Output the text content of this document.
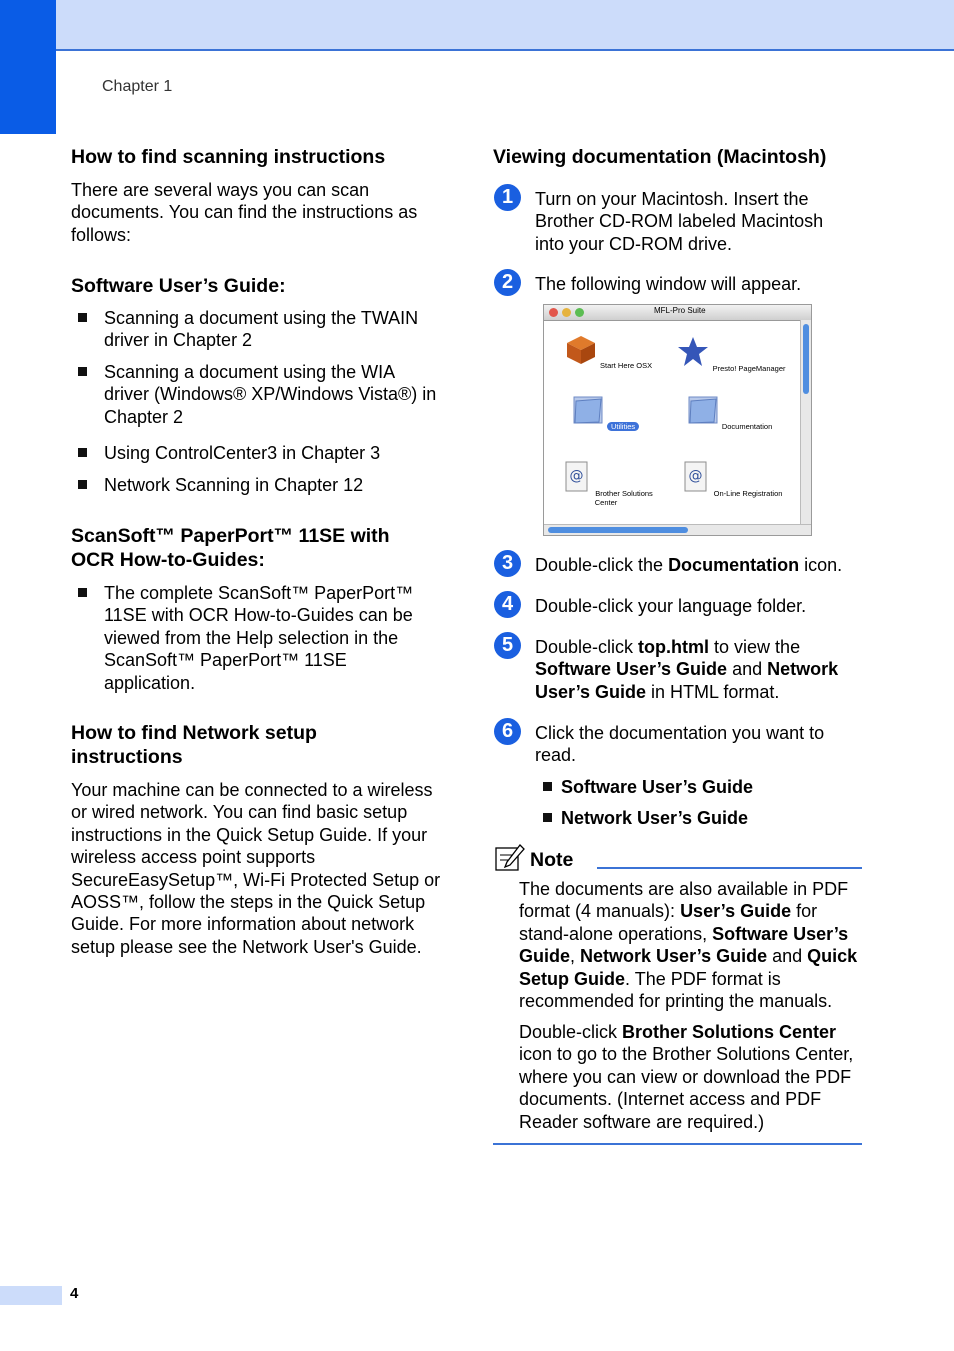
Chapter 1
How to find scanning instructions

There are several ways you can scan documents. You can find the instructions as follows:

Software User’s Guide:
Scanning a document using the TWAIN driver in Chapter 2
Scanning a document using the WIA driver (Windows® XP/Windows Vista®) in Chapter 2
Using ControlCenter3 in Chapter 3
Network Scanning in Chapter 12
ScanSoft™ PaperPort™ 11SE with OCR How-to-Guides:
The complete ScanSoft™ PaperPort™ 11SE with OCR How-to-Guides can be viewed from the Help selection in the ScanSoft™ PaperPort™ 11SE application.
How to find Network setup instructions

Your machine can be connected to a wireless or wired network. You can find basic setup instructions in the Quick Setup Guide. If your wireless access point supports SecureEasySetup™, Wi-Fi Protected Setup or AOSS™, follow the steps in the Quick Setup Guide. For more information about network setup please see the Network User's Guide.

Viewing documentation (Macintosh)
1	Turn on your Macintosh. Insert the Brother CD-ROM labeled Macintosh into your CD-ROM drive.

2	The following window will appear.

MFL-Pro Suite
Start Here OSX	Presto! PageManager
Utilities	Documentation
@
Brother Solutions Center
@
On-Line Registration
3	Double-click the Documentation icon.

4	Double-click your language folder.

5	Double-click top.html to view the Software User’s Guide and Network User’s Guide in HTML format.

6	Click the documentation you want to read.

Software User’s Guide
Network User’s Guide
Note

The documents are also available in PDF format (4 manuals): User’s Guide for stand-alone operations, Software User’s Guide, Network User’s Guide and Quick Setup Guide. The PDF format is recommended for printing the manuals.

Double-click Brother Solutions Center icon to go to the Brother Solutions Center, where you can view or download the PDF documents. (Internet access and PDF Reader software are required.)

4
